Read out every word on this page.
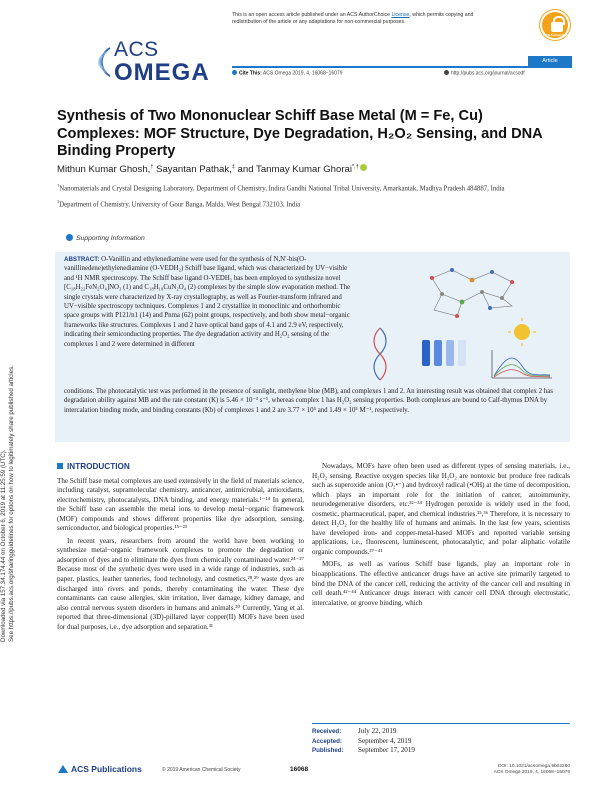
This is an open access article published under an ACS AuthorChoice License, which permits copying and redistribution of the article or any adaptations for non-commercial purposes.
ACS AuthorChoice
ACS
OMEGA	Article
Cite This: ACS Omega 2019, 4, 16068−16079	http://pubs.acs.org/journal/acsodf
Downloaded via 157.34.174.44 on October 6, 2019 at 11:25:59 (UTC). See https://pubs.acs.org/sharingguidelines for options on how to legitimately share published articles.
Synthesis of Two Mononuclear Schiff Base Metal (M = Fe, Cu) Complexes: MOF Structure, Dye Degradation, H₂O₂ Sensing, and DNA Binding Property
Mithun Kumar Ghosh,† Sayantan Pathak,‡ and Tanmay Kumar Ghorai*,†

†Nanomaterials and Crystal Designing Laboratory, Department of Chemistry, Indira Gandhi National Tribal University, Amarkantak, Madhya Pradesh 484887, India

‡Department of Chemistry, University of Gour Banga, Malda, West Bengal 732103, India

Supporting Information
ABSTRACT: O-Vanillin and ethylenediamine were used for the synthesis of N,N′-bis(O-vanillinedene)ethylenediamine (O-VEDH₂) Schiff base ligand, which was characterized by UV−visible and ¹H NMR spectroscopy. The Schiff base ligand O-VEDH₂ has been employed to synthesize novel [C₁₈H₂₂FeN₂O₄]NO₃ (1) and C₁₈H₁₈CuN₂O₄ (2) complexes by the simple slow evaporation method. The single crystals were characterized by X-ray crystallography, as well as Fourier-transform infrared and UV−visible spectroscopy techniques. Complexes 1 and 2 crystallize in monoclinic and orthorhombic space groups with P121/n1 (14) and Pnma (62) point groups, respectively, and both show metal−organic frameworks like structures. Complexes 1 and 2 have optical band gaps of 4.1 and 2.9 eV, respectively, indicating their semiconducting properties. The dye degradation activity and H₂O₂ sensing of the complexes 1 and 2 were determined in different
conditions. The photocatalytic test was performed in the presence of sunlight, methylene blue (MB), and complexes 1 and 2. An interesting result was obtained that complex 2 has degradation ability against MB and the rate constant (K) is 5.46 × 10⁻³ s⁻¹, whereas complex 1 has H₂O₂ sensing properties. Both complexes are bound to Calf-thymus DNA by intercalation binding mode, and binding constants (Kb) of complexes 1 and 2 are 3.77 × 10⁵ and 1.49 × 10⁵ M⁻¹, respectively.
INTRODUCTION

The Schiff base metal complexes are used extensively in the field of materials science, including catalyst, supramolecular chemistry, anticancer, antimicrobial, antioxidants, electrochemistry, photocatalysts, DNA binding, and energy materials.¹⁻¹⁴ In general, the Schiff base can assemble the metal ions to develop metal−organic framework (MOF) compounds and shows different properties like dye adsorption, sensing, semiconductor, and biological properties.¹⁵⁻²³

In recent years, researchers from around the world have been working to synthesize metal−organic framework complexes to promote the degradation or adsorption of dyes and to eliminate the dyes from chemically contaminated water.²⁴⁻²⁷ Because most of the synthetic dyes were used in a wide range of industries, such as paper, plastics, leather tanneries, food technology, and cosmetics,²⁸,²⁹ waste dyes are discharged into rivers and ponds, thereby contaminating the water. These dye contaminants can cause allergies, skin irritation, liver damage, kidney damage, and also central nervous system disorders in humans and animals.³⁰ Currently, Yang et al. reported that three-dimensional (3D)-pillared layer copper(II) MOFs have been used for dual purposes, i.e., dye adsorption and separation.³¹

Nowadays, MOFs have often been used as different types of sensing materials, i.e., H₂O₂ sensing. Reactive oxygen species like H₂O₂ are nontoxic but produce free radicals such as superoxide anion (O₂•⁻) and hydroxyl radical (•OH) at the time of decomposition, which plays an important role for the initiation of cancer, autoimmunity, neurodegenerative disorders, etc.³²⁻³⁴ Hydrogen peroxide is widely used in the food, cosmetic, pharmaceutical, paper, and chemical industries.³⁵,³⁶ Therefore, it is necessary to detect H₂O₂ for the healthy life of humans and animals. In the last few years, scientists have developed iron- and copper-metal-based MOFs and reported variable sensing applications, i.e., fluorescent, luminescent, photocatalytic, and polar aliphatic volatile organic compounds.³⁷⁻⁴¹

MOFs, as well as various Schiff base ligands, play an important role in bioapplications. The effective anticancer drugs have an active site primarily targeted to bind the DNA of the cancer cell, reducing the activity of the cancer cell and resulting in cell death.⁴²⁻⁴⁴ Anticancer drugs interact with cancer cell DNA through electrostatic, intercalative, or groove binding, which

Received: July 22, 2019
Accepted: September 4, 2019
Published: September 17, 2019
ACS Publications	© 2019 American Chemical Society	16068	DOI: 10.1021/acsomega.9b02280
ACS Omega 2019, 4, 16068−16079
